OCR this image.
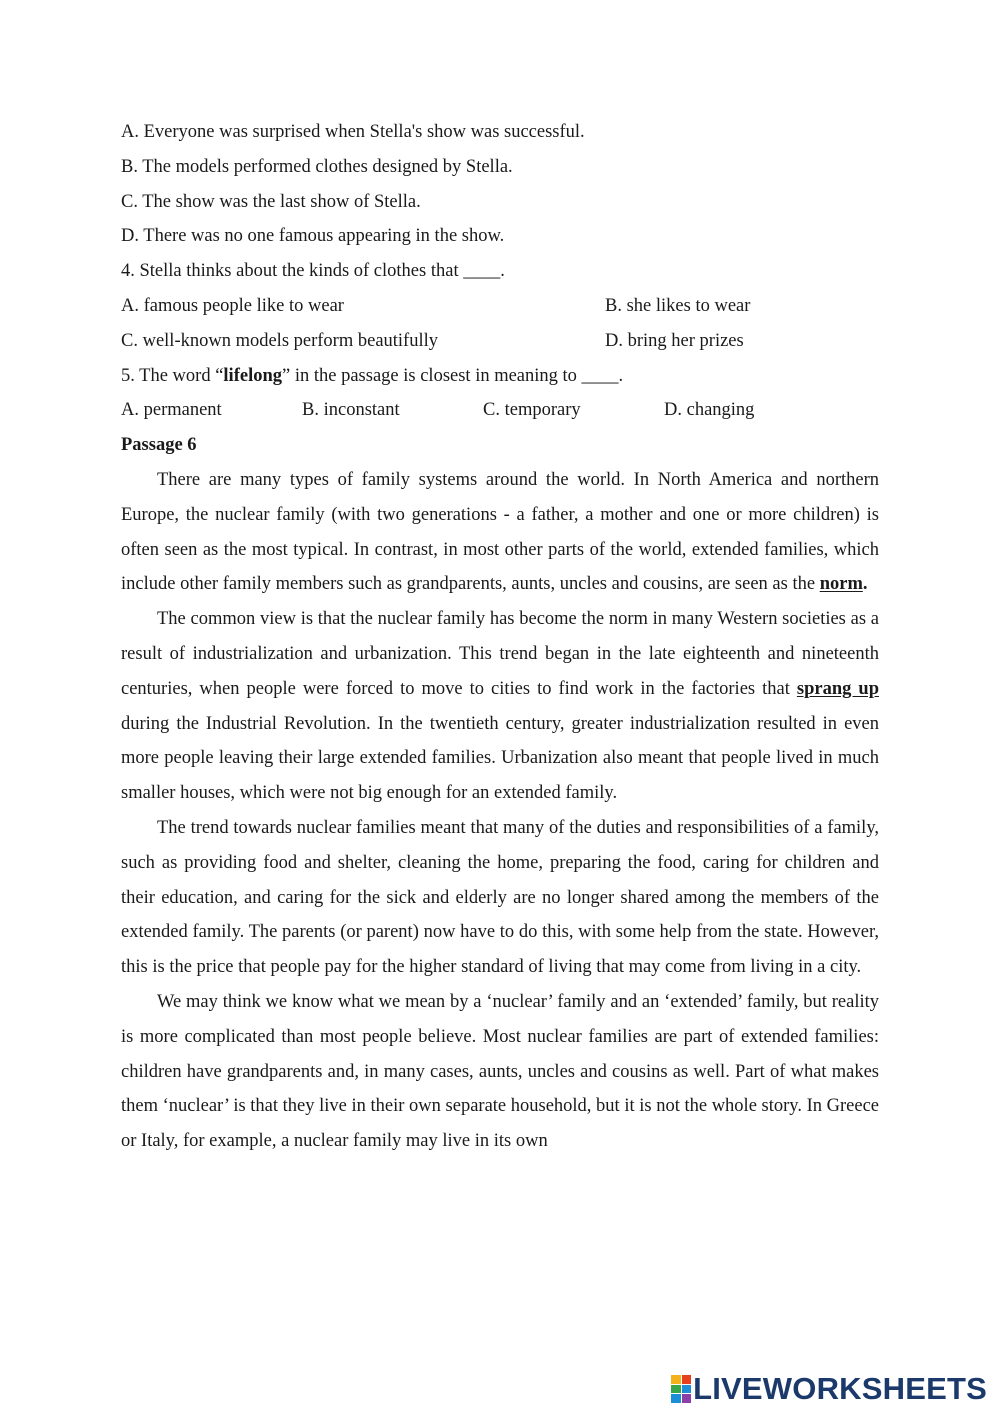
A. Everyone was surprised when Stella's show was successful.
B. The models performed clothes designed by Stella.
C. The show was the last show of Stella.
D. There was no one famous appearing in the show.
4. Stella thinks about the kinds of clothes that ____.
A. famous people like to wear	B. she likes to wear
C. well-known models perform beautifully	D. bring her prizes
5. The word “lifelong” in the passage is closest in meaning to ____.
A. permanent	B. inconstant	C. temporary	D. changing
Passage 6

There are many types of family systems around the world. In North America and northern Europe, the nuclear family (with two generations - a father, a mother and one or more children) is often seen as the most typical. In contrast, in most other parts of the world, extended families, which include other family members such as grandparents, aunts, uncles and cousins, are seen as the norm.

The common view is that the nuclear family has become the norm in many Western societies as a result of industrialization and urbanization. This trend began in the late eighteenth and nineteenth centuries, when people were forced to move to cities to find work in the factories that sprang up during the Industrial Revolution. In the twentieth century, greater industrialization resulted in even more people leaving their large extended families. Urbanization also meant that people lived in much smaller houses, which were not big enough for an extended family.

The trend towards nuclear families meant that many of the duties and responsibilities of a family, such as providing food and shelter, cleaning the home, preparing the food, caring for children and their education, and caring for the sick and elderly are no longer shared among the members of the extended family. The parents (or parent) now have to do this, with some help from the state. However, this is the price that people pay for the higher standard of living that may come from living in a city.

We may think we know what we mean by a ‘nuclear’ family and an ‘extended’ family, but reality is more complicated than most people believe. Most nuclear families are part of extended families: children have grandparents and, in many cases, aunts, uncles and cousins as well. Part of what makes them ‘nuclear’ is that they live in their own separate household, but it is not the whole story. In Greece or Italy, for example, a nuclear family may live in its own

LIVEWORKSHEETS
